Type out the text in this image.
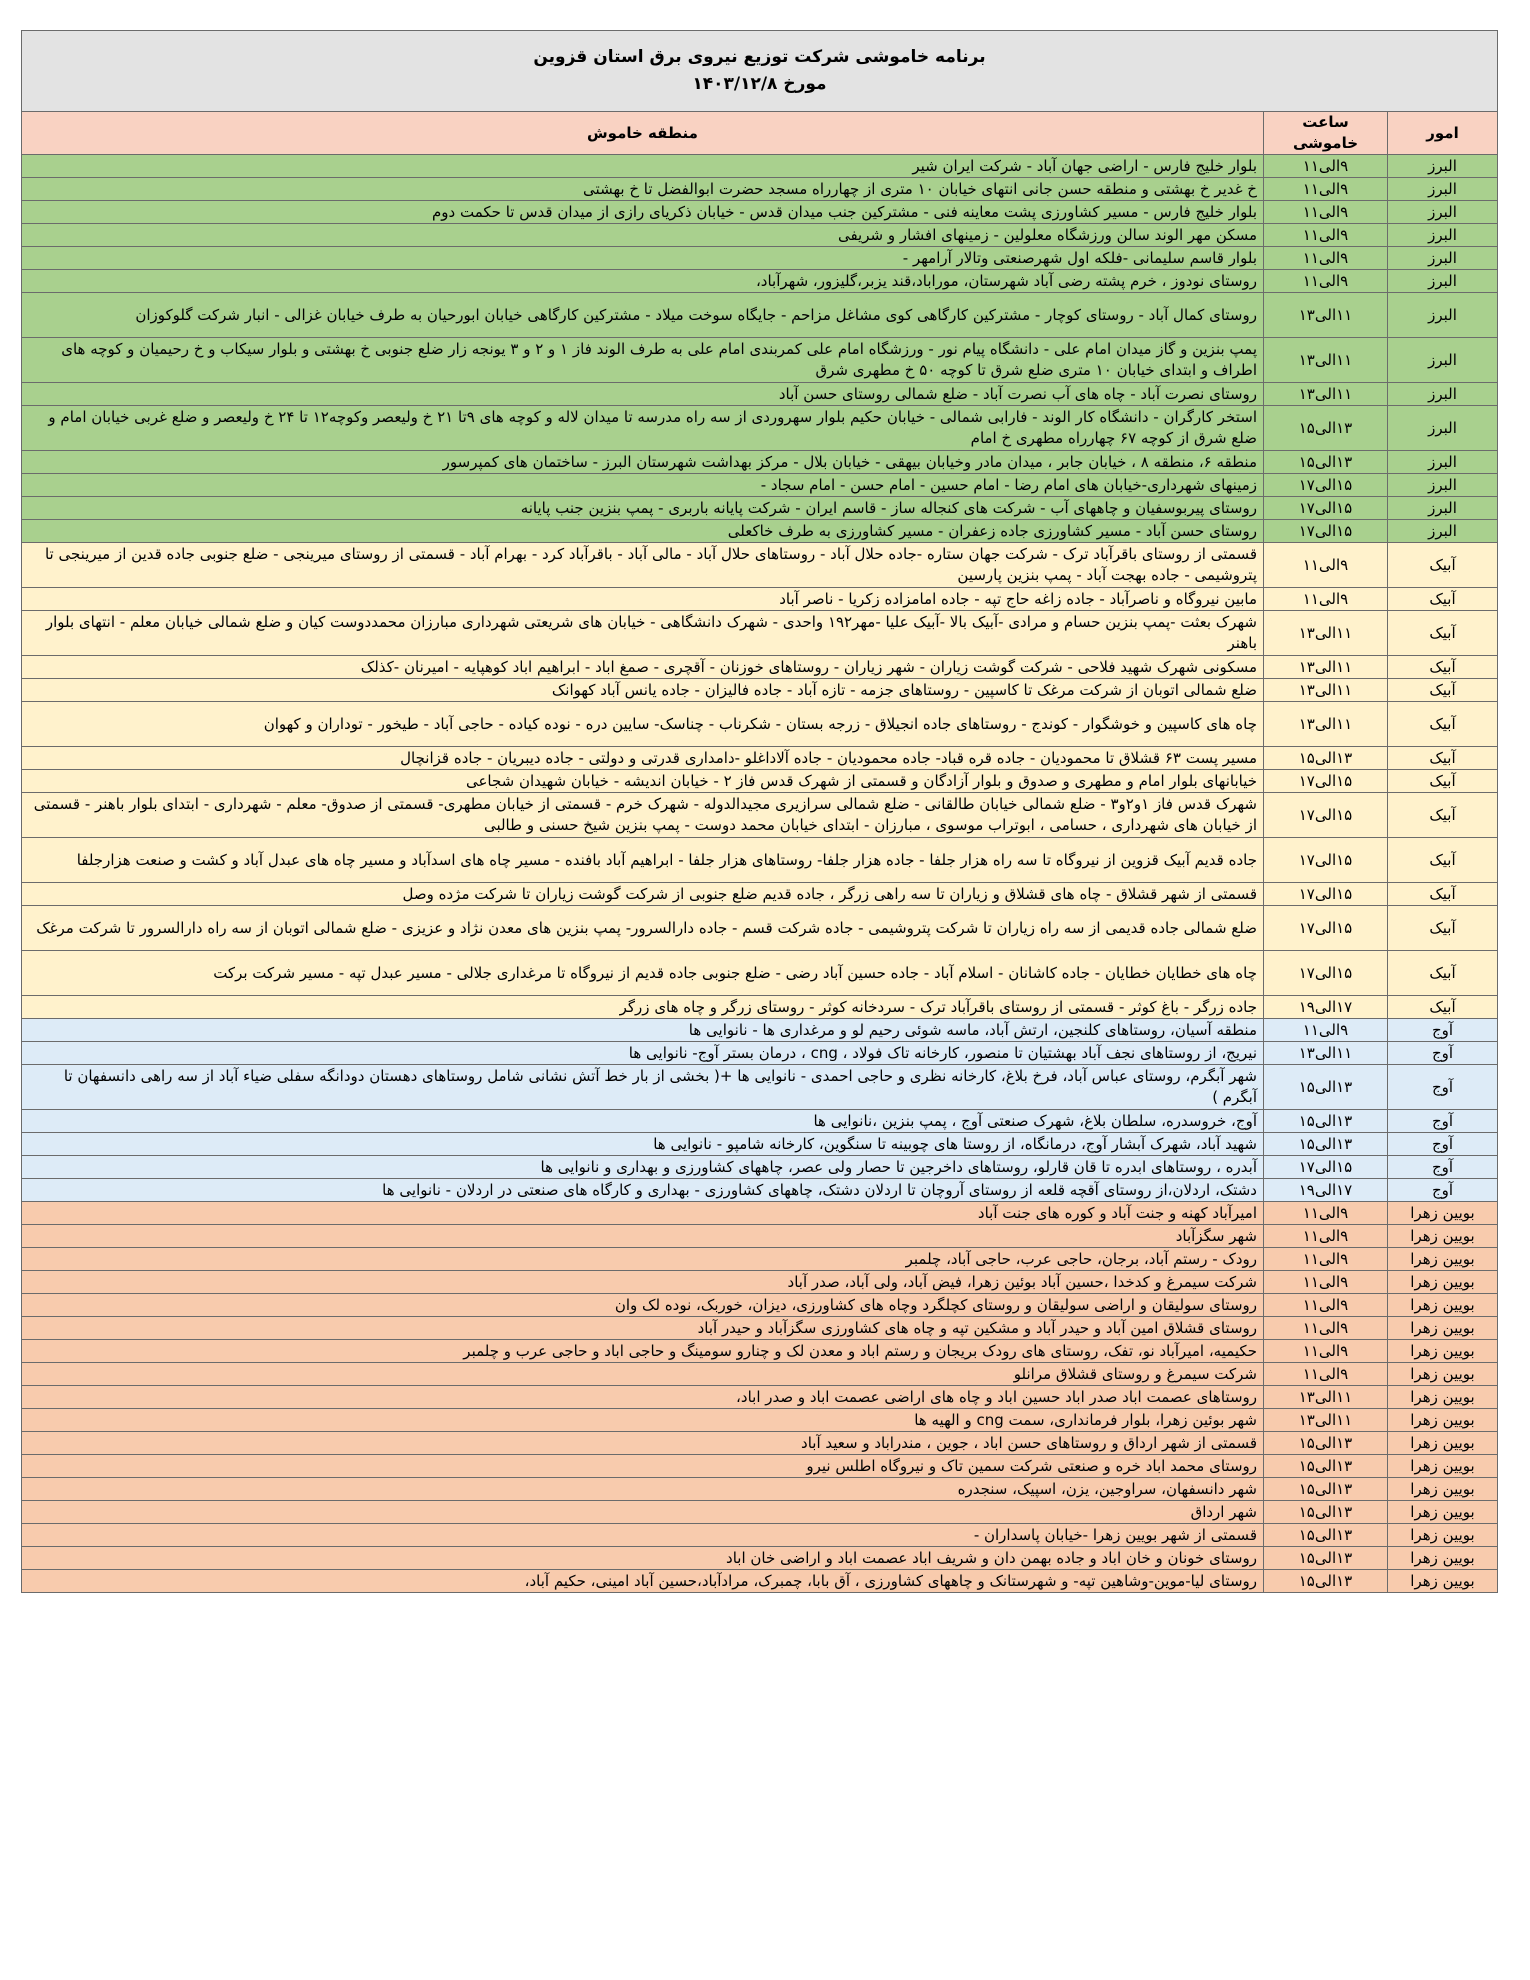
برنامه خاموشی شرکت توزیع نیروی برق استان قزوین
مورخ ۱۴۰۳/۱۲/۸		

امور	ساعت خاموشی	منطقه خاموش
البرز	۹الی۱۱	بلوار خلیج فارس - اراضی جهان آباد - شرکت ایران شیر
البرز	۹الی۱۱	خ غدیر خ بهشتی و منطقه حسن جانی انتهای خیابان ۱۰ متری از چهارراه مسجد حضرت ابوالفضل تا خ بهشتی
البرز	۹الی۱۱	بلوار خلیج فارس - مسیر کشاورزی پشت معاینه فنی - مشترکین جنب میدان قدس - خیابان ذکریای رازی از میدان قدس تا حکمت دوم
البرز	۹الی۱۱	مسکن مهر الوند سالن ورزشگاه معلولین - زمینهای افشار و شریفی
البرز	۹الی۱۱	بلوار قاسم سلیمانی -فلکه اول شهرصنعتی وتالار آرامهر -
البرز	۹الی۱۱	روستای نودوز ، خرم پشته رضی آباد شهرستان، موراباد،قند یزبر،گلیزور، شهرآباد،
البرز	۱۱الی۱۳	روستای کمال آباد - روستای کوچار - مشترکین کارگاهی کوی مشاغل مزاحم - جایگاه سوخت میلاد - مشترکین کارگاهی خیابان ابورحیان به طرف خیابان غزالی - انبار شرکت گلوکوزان
البرز	۱۱الی۱۳	پمپ بنزین و گاز میدان امام علی - دانشگاه پیام نور - ورزشگاه امام علی کمربندی امام علی به طرف الوند فاز ۱ و ۲ و ۳ یونجه زار ضلع جنوبی خ بهشتی و بلوار سیکاب و خ رحیمیان و کوچه های اطراف و ابتدای خیابان ۱۰ متری ضلع شرق تا کوچه ۵۰ خ مطهری شرق
البرز	۱۱الی۱۳	روستای نصرت آباد - چاه های آب نصرت آباد - ضلع شمالی روستای حسن آباد
البرز	۱۳الی۱۵	استخر کارگران - دانشگاه کار الوند - فارابی شمالی - خیابان حکیم بلوار سهروردی از سه راه مدرسه تا میدان لاله و کوچه های ۹تا ۲۱ خ ولیعصر وکوچه۱۲ تا ۲۴ خ ولیعصر و ضلع غربی خیابان امام و ضلع شرق از کوچه ۶۷ چهارراه مطهری خ امام
البرز	۱۳الی۱۵	منطقه ۶، منطقه ۸ ، خیابان جابر ، میدان مادر وخیابان بیهقی - خیابان بلال - مرکز بهداشت شهرستان البرز - ساختمان های کمپرسور
البرز	۱۵الی۱۷	زمینهای شهرداری-خیابان های امام رضا - امام حسین - امام حسن - امام سجاد -
البرز	۱۵الی۱۷	روستای پیربوسفیان و چاههای آب - شرکت های کنجاله ساز - قاسم ایران - شرکت پایانه باربری - پمپ بنزین جنب پایانه
البرز	۱۵الی۱۷	روستای حسن آباد - مسیر کشاورزی جاده زعفران - مسیر کشاورزی به طرف خاکعلی
آبیک	۹الی۱۱	قسمتی از روستای باقرآباد ترک - شرکت جهان ستاره -جاده حلال آباد - روستاهای حلال آباد - مالی آباد - باقرآباد کرد - بهرام آباد - قسمتی از روستای میرینجی - ضلع جنوبی جاده قدین از میرینجی تا پتروشیمی - جاده بهجت آباد - پمپ بنزین پارسین
آبیک	۹الی۱۱	مابین نیروگاه و ناصرآباد - جاده زاغه حاج تپه - جاده امامزاده زکریا - ناصر آباد
آبیک	۱۱الی۱۳	شهرک بعثت -پمپ بنزین حسام و مرادی -آبیک بالا -آبیک علیا -مهر۱۹۲ واحدی - شهرک دانشگاهی - خیابان های شریعتی شهرداری مبارزان محمددوست کیان و ضلع شمالی خیابان معلم - انتهای بلوار باهنر
آبیک	۱۱الی۱۳	مسکونی شهرک شهید فلاحی - شرکت گوشت زیاران - شهر زیاران - روستاهای خوزنان - آقچری - صمغ اباد - ابراهیم اباد کوهپایه - امیرنان -کذلک
آبیک	۱۱الی۱۳	ضلع شمالی اتوبان از شرکت مرغک تا کاسپین - روستاهای جزمه - تازه آباد - جاده فالیزان - جاده یانس آباد کهوانک
آبیک	۱۱الی۱۳	چاه های کاسپین و خوشگوار - کوندج - روستاهای جاده انجیلاق - زرجه بستان - شکرناب - چناسک- سایین دره - نوده کیاده - حاجی آباد - طیخور - توداران و کهوان
آبیک	۱۳الی۱۵	مسیر پست ۶۳ قشلاق تا محمودیان - جاده قره قباد- جاده محمودیان - جاده آلاداغلو -دامداری قدرتی و دولتی - جاده دیبریان - جاده قزانچال
آبیک	۱۵الی۱۷	خیابانهای بلوار امام و مطهری و صدوق و بلوار آزادگان و قسمتی از شهرک قدس فاز ۲ - خیابان اندیشه - خیابان شهیدان شجاعی
آبیک	۱۵الی۱۷	شهرک قدس فاز ۱و۲و۳ - ضلع شمالی خیابان طالقانی - ضلع شمالی سرازیری مجیدالدوله - شهرک خرم - قسمتی از خیابان مطهری- قسمتی از صدوق- معلم - شهرداری - ابتدای بلوار باهنر - قسمتی از خیابان های شهرداری ، حسامی ، ابوتراب موسوی ، مبارزان - ابتدای خیابان محمد دوست - پمپ بنزین شیخ حسنی و طالبی
آبیک	۱۵الی۱۷	جاده قدیم آبیک قزوین از نیروگاه تا سه راه هزار جلفا - جاده هزار جلفا- روستاهای هزار جلفا - ابراهیم آباد بافنده - مسیر چاه های اسدآباد و مسیر چاه های عبدل آباد و کشت و صنعت هزارجلفا
آبیک	۱۵الی۱۷	قسمتی از شهر قشلاق - چاه های قشلاق و زیاران تا سه راهی زرگر ، جاده قدیم ضلع جنوبی از شرکت گوشت زیاران تا شرکت مژده وصل
آبیک	۱۵الی۱۷	ضلع شمالی جاده قدیمی از سه راه زیاران تا شرکت پتروشیمی - جاده شرکت قسم - جاده دارالسرور- پمپ بنزین های معدن نژاد و عزیزی - ضلع شمالی اتوبان از سه راه دارالسرور تا شرکت مرغک
آبیک	۱۵الی۱۷	چاه های خطایان خطایان - جاده کاشانان - اسلام آباد - جاده حسین آباد رضی - ضلع جنوبی جاده قدیم از نیروگاه تا مرغداری جلالی - مسیر عبدل تپه - مسیر شرکت برکت
آبیک	۱۷الی۱۹	جاده زرگر - باغ کوثر - قسمتی از روستای باقرآباد ترک - سردخانه کوثر - روستای زرگر و چاه های زرگر
آوج	۹الی۱۱	منطقه آسیان، روستاهای کلنجین، ارتش آباد، ماسه شوئی رحیم لو و مرغداری ها - نانوایی ها
آوج	۱۱الی۱۳	نیریج، از روستاهای نجف آباد بهشتیان تا منصور، کارخانه تاک فولاد ، cng ، درمان بستر آوج- نانوایی ها
آوج	۱۳الی۱۵	شهر آبگرم، روستای عباس آباد، فرخ بلاغ، کارخانه نظری و حاجی احمدی - نانوایی ها +( بخشی از بار خط آتش نشانی شامل روستاهای دهستان دودانگه سفلی ضیاء آباد از سه راهی دانسفهان تا آبگرم )
آوج	۱۳الی۱۵	آوج، خروسدره، سلطان بلاغ، شهرک صنعتی آوج ، پمپ بنزین ،نانوایی ها
آوج	۱۳الی۱۵	شهید آباد، شهرک آبشار آوج، درمانگاه، از روستا های چوبینه تا سنگوین، کارخانه شامپو - نانوایی ها
آوج	۱۵الی۱۷	آبدره ، روستاهای ابدره تا قان قارلو، روستاهای داخرجین تا حصار ولی عصر، چاههای کشاورزی و بهداری و نانوایی ها
آوج	۱۷الی۱۹	دشتک، اردلان،از روستای آقچه قلعه از روستای آروچان تا اردلان دشتک، چاههای کشاورزی - بهداری و کارگاه های صنعتی در اردلان - نانوایی ها
بویین زهرا	۹الی۱۱	امیرآباد کهنه و جنت آباد و کوره های جنت آباد
بویین زهرا	۹الی۱۱	شهر سگزآباد
بویین زهرا	۹الی۱۱	رودک - رستم آباد، برجان، حاجی عرب، حاجی آباد، چلمبر
بویین زهرا	۹الی۱۱	شرکت سیمرغ و کدخدا ،حسین آباد بوئین زهرا، فیض آباد، ولی آباد، صدر آباد
بویین زهرا	۹الی۱۱	روستای سولیقان و اراضی سولیقان و روستای کچلگرد وچاه های کشاورزی، دیزان، خوربک، نوده لک وان
بویین زهرا	۹الی۱۱	روستای قشلاق امین آباد و حیدر آباد و مشکین تپه و چاه های کشاورزی سگزآباد و حیدر آباد
بویین زهرا	۹الی۱۱	حکیمیه، امیرآباد نو، تفک، روستای های رودک بریجان و رستم اباد و معدن لک و چنارو سومینگ و حاجی اباد و حاجی عرب و چلمبر
بویین زهرا	۹الی۱۱	شرکت سیمرغ و روستای قشلاق مرانلو
بویین زهرا	۱۱الی۱۳	روستاهای عصمت اباد صدر اباد حسین اباد و چاه های اراضی عصمت اباد و صدر اباد،
بویین زهرا	۱۱الی۱۳	شهر بوئین زهرا، بلوار فرمانداری، سمت cng و الهیه ها
بویین زهرا	۱۳الی۱۵	قسمتی از شهر ارداق و روستاهای حسن اباد ، جوین ، مندراباد و سعید آباد
بویین زهرا	۱۳الی۱۵	روستای محمد اباد خره و صنعتی شرکت سمین تاک و نیروگاه اطلس نیرو
بویین زهرا	۱۳الی۱۵	شهر دانسفهان، سراوجین، یزن، اسپیک، سنجدره
بویین زهرا	۱۳الی۱۵	شهر ارداق
بویین زهرا	۱۳الی۱۵	قسمتی از شهر بویین زهرا -خیابان پاسداران -
بویین زهرا	۱۳الی۱۵	روستای خونان و خان اباد و جاده بهمن دان و شریف اباد عصمت اباد و اراضی خان اباد
بویین زهرا	۱۳الی۱۵	روستای لیا-موین-وشاهین تپه- و شهرستانک و چاههای کشاورزی ، آق بابا، چمبرک، مرادآباد،حسین آباد امینی، حکیم آباد،
